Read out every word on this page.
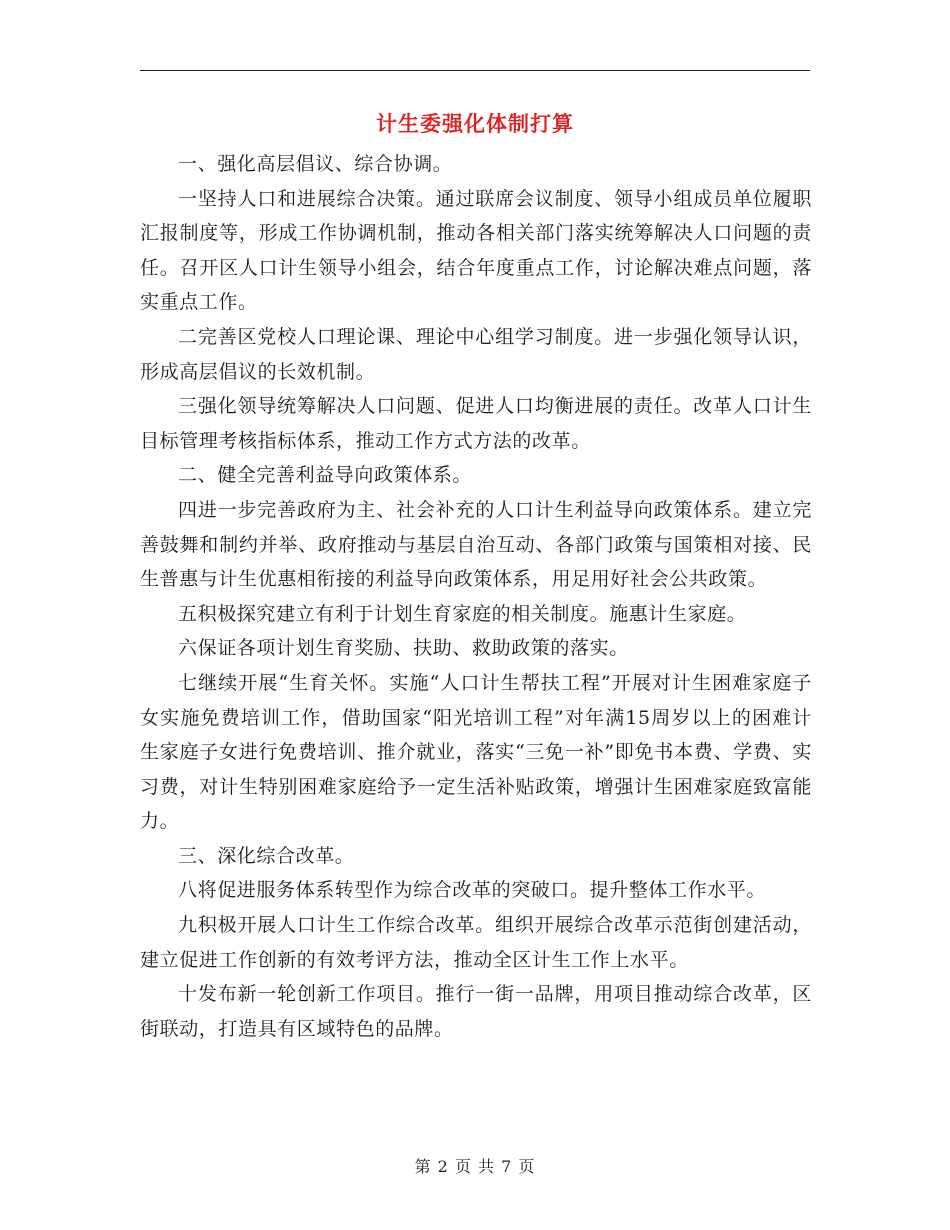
计生委强化体制打算

一、强化高层倡议、综合协调。

一坚持人口和进展综合决策。通过联席会议制度、领导小组成员单位履职汇报制度等，形成工作协调机制，推动各相关部门落实统筹解决人口问题的责任。召开区人口计生领导小组会，结合年度重点工作，讨论解决难点问题，落实重点工作。

二完善区党校人口理论课、理论中心组学习制度。进一步强化领导认识，形成高层倡议的长效机制。

三强化领导统筹解决人口问题、促进人口均衡进展的责任。改革人口计生目标管理考核指标体系，推动工作方式方法的改革。

二、健全完善利益导向政策体系。

四进一步完善政府为主、社会补充的人口计生利益导向政策体系。建立完善鼓舞和制约并举、政府推动与基层自治互动、各部门政策与国策相对接、民生普惠与计生优惠相衔接的利益导向政策体系，用足用好社会公共政策。

五积极探究建立有利于计划生育家庭的相关制度。施惠计生家庭。

六保证各项计划生育奖励、扶助、救助政策的落实。

七继续开展“生育关怀。实施“人口计生帮扶工程”开展对计生困难家庭子女实施免费培训工作，借助国家“阳光培训工程”对年满15周岁以上的困难计生家庭子女进行免费培训、推介就业，落实“三免一补”即免书本费、学费、实习费，对计生特别困难家庭给予一定生活补贴政策，增强计生困难家庭致富能力。

三、深化综合改革。

八将促进服务体系转型作为综合改革的突破口。提升整体工作水平。

九积极开展人口计生工作综合改革。组织开展综合改革示范街创建活动，建立促进工作创新的有效考评方法，推动全区计生工作上水平。

十发布新一轮创新工作项目。推行一街一品牌，用项目推动综合改革，区街联动，打造具有区域特色的品牌。

第 2 页 共 7 页
